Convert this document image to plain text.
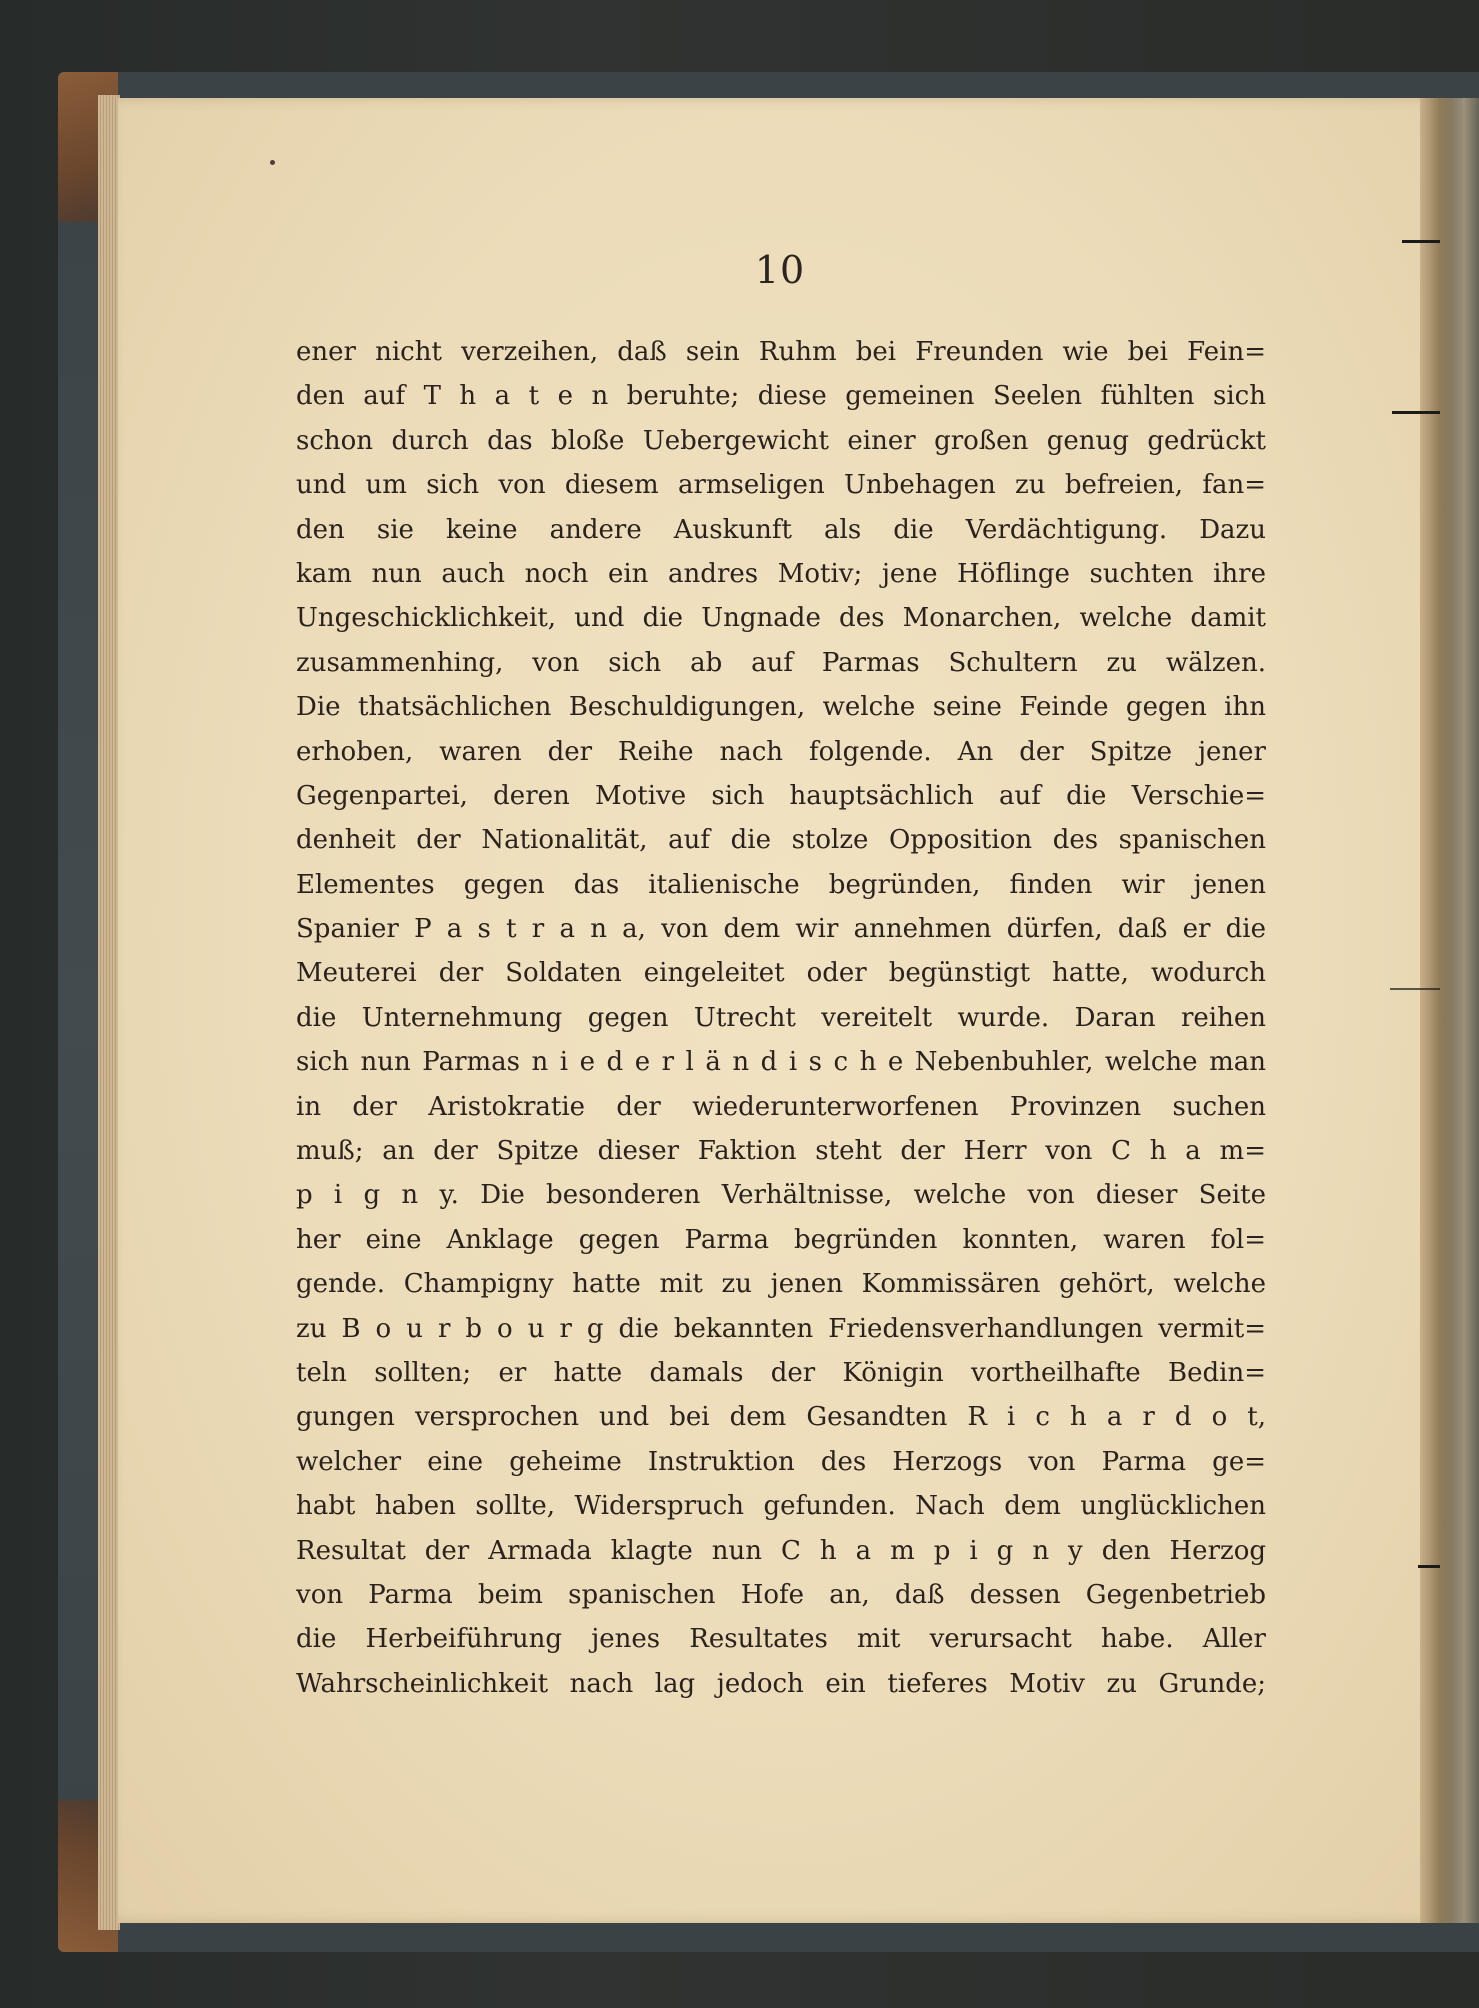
10
ener nicht verzeihen, daß sein Ruhm bei Freunden wie bei Fein=
den auf T h a t e n beruhte; diese gemeinen Seelen fühlten sich
schon durch das bloße Uebergewicht einer großen genug gedrückt
und um sich von diesem armseligen Unbehagen zu befreien, fan=
den sie keine andere Auskunft als die Verdächtigung. Dazu
kam nun auch noch ein andres Motiv; jene Höflinge suchten ihre
Ungeschicklichkeit, und die Ungnade des Monarchen, welche damit
zusammenhing, von sich ab auf Parmas Schultern zu wälzen.
Die thatsächlichen Beschuldigungen, welche seine Feinde gegen ihn
erhoben, waren der Reihe nach folgende. An der Spitze jener
Gegenpartei, deren Motive sich hauptsächlich auf die Verschie=
denheit der Nationalität, auf die stolze Opposition des spanischen
Elementes gegen das italienische begründen, finden wir jenen
Spanier P a s t r a n a, von dem wir annehmen dürfen, daß er die
Meuterei der Soldaten eingeleitet oder begünstigt hatte, wodurch
die Unternehmung gegen Utrecht vereitelt wurde. Daran reihen
sich nun Parmas n i e d e r l ä n d i s c h e Nebenbuhler, welche man
in der Aristokratie der wiederunterworfenen Provinzen suchen
muß; an der Spitze dieser Faktion steht der Herr von C h a m=
p i g n y. Die besonderen Verhältnisse, welche von dieser Seite
her eine Anklage gegen Parma begründen konnten, waren fol=
gende. Champigny hatte mit zu jenen Kommissären gehört, welche
zu B o u r b o u r g die bekannten Friedensverhandlungen vermit=
teln sollten; er hatte damals der Königin vortheilhafte Bedin=
gungen versprochen und bei dem Gesandten R i c h a r d o t,
welcher eine geheime Instruktion des Herzogs von Parma ge=
habt haben sollte, Widerspruch gefunden. Nach dem unglücklichen
Resultat der Armada klagte nun C h a m p i g n y den Herzog
von Parma beim spanischen Hofe an, daß dessen Gegenbetrieb
die Herbeiführung jenes Resultates mit verursacht habe. Aller
Wahrscheinlichkeit nach lag jedoch ein tieferes Motiv zu Grunde;
